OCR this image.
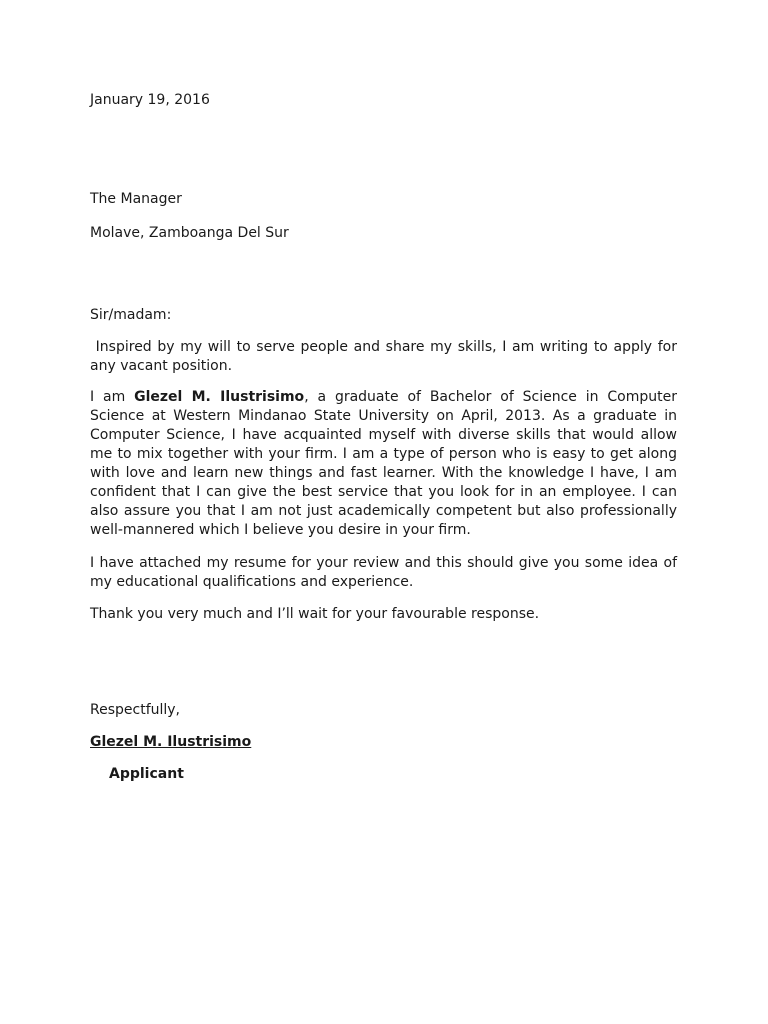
January 19, 2016
The Manager
Molave, Zamboanga Del Sur
Sir/madam:
Inspired by my will to serve people and share my skills, I am writing to apply for any vacant position.
I am Glezel M. Ilustrisimo, a graduate of Bachelor of Science in Computer Science at Western Mindanao State University on April, 2013. As a graduate in Computer Science, I have acquainted myself with diverse skills that would allow me to mix together with your firm. I am a type of person who is easy to get along with love and learn new things and fast learner. With the knowledge I have, I am confident that I can give the best service that you look for in an employee. I can also assure you that I am not just academically competent but also professionally well-mannered which I believe you desire in your firm.
I have attached my resume for your review and this should give you some idea of my educational qualifications and experience.
Thank you very much and I’ll wait for your favourable response.
Respectfully,
Glezel M. Ilustrisimo
Applicant
